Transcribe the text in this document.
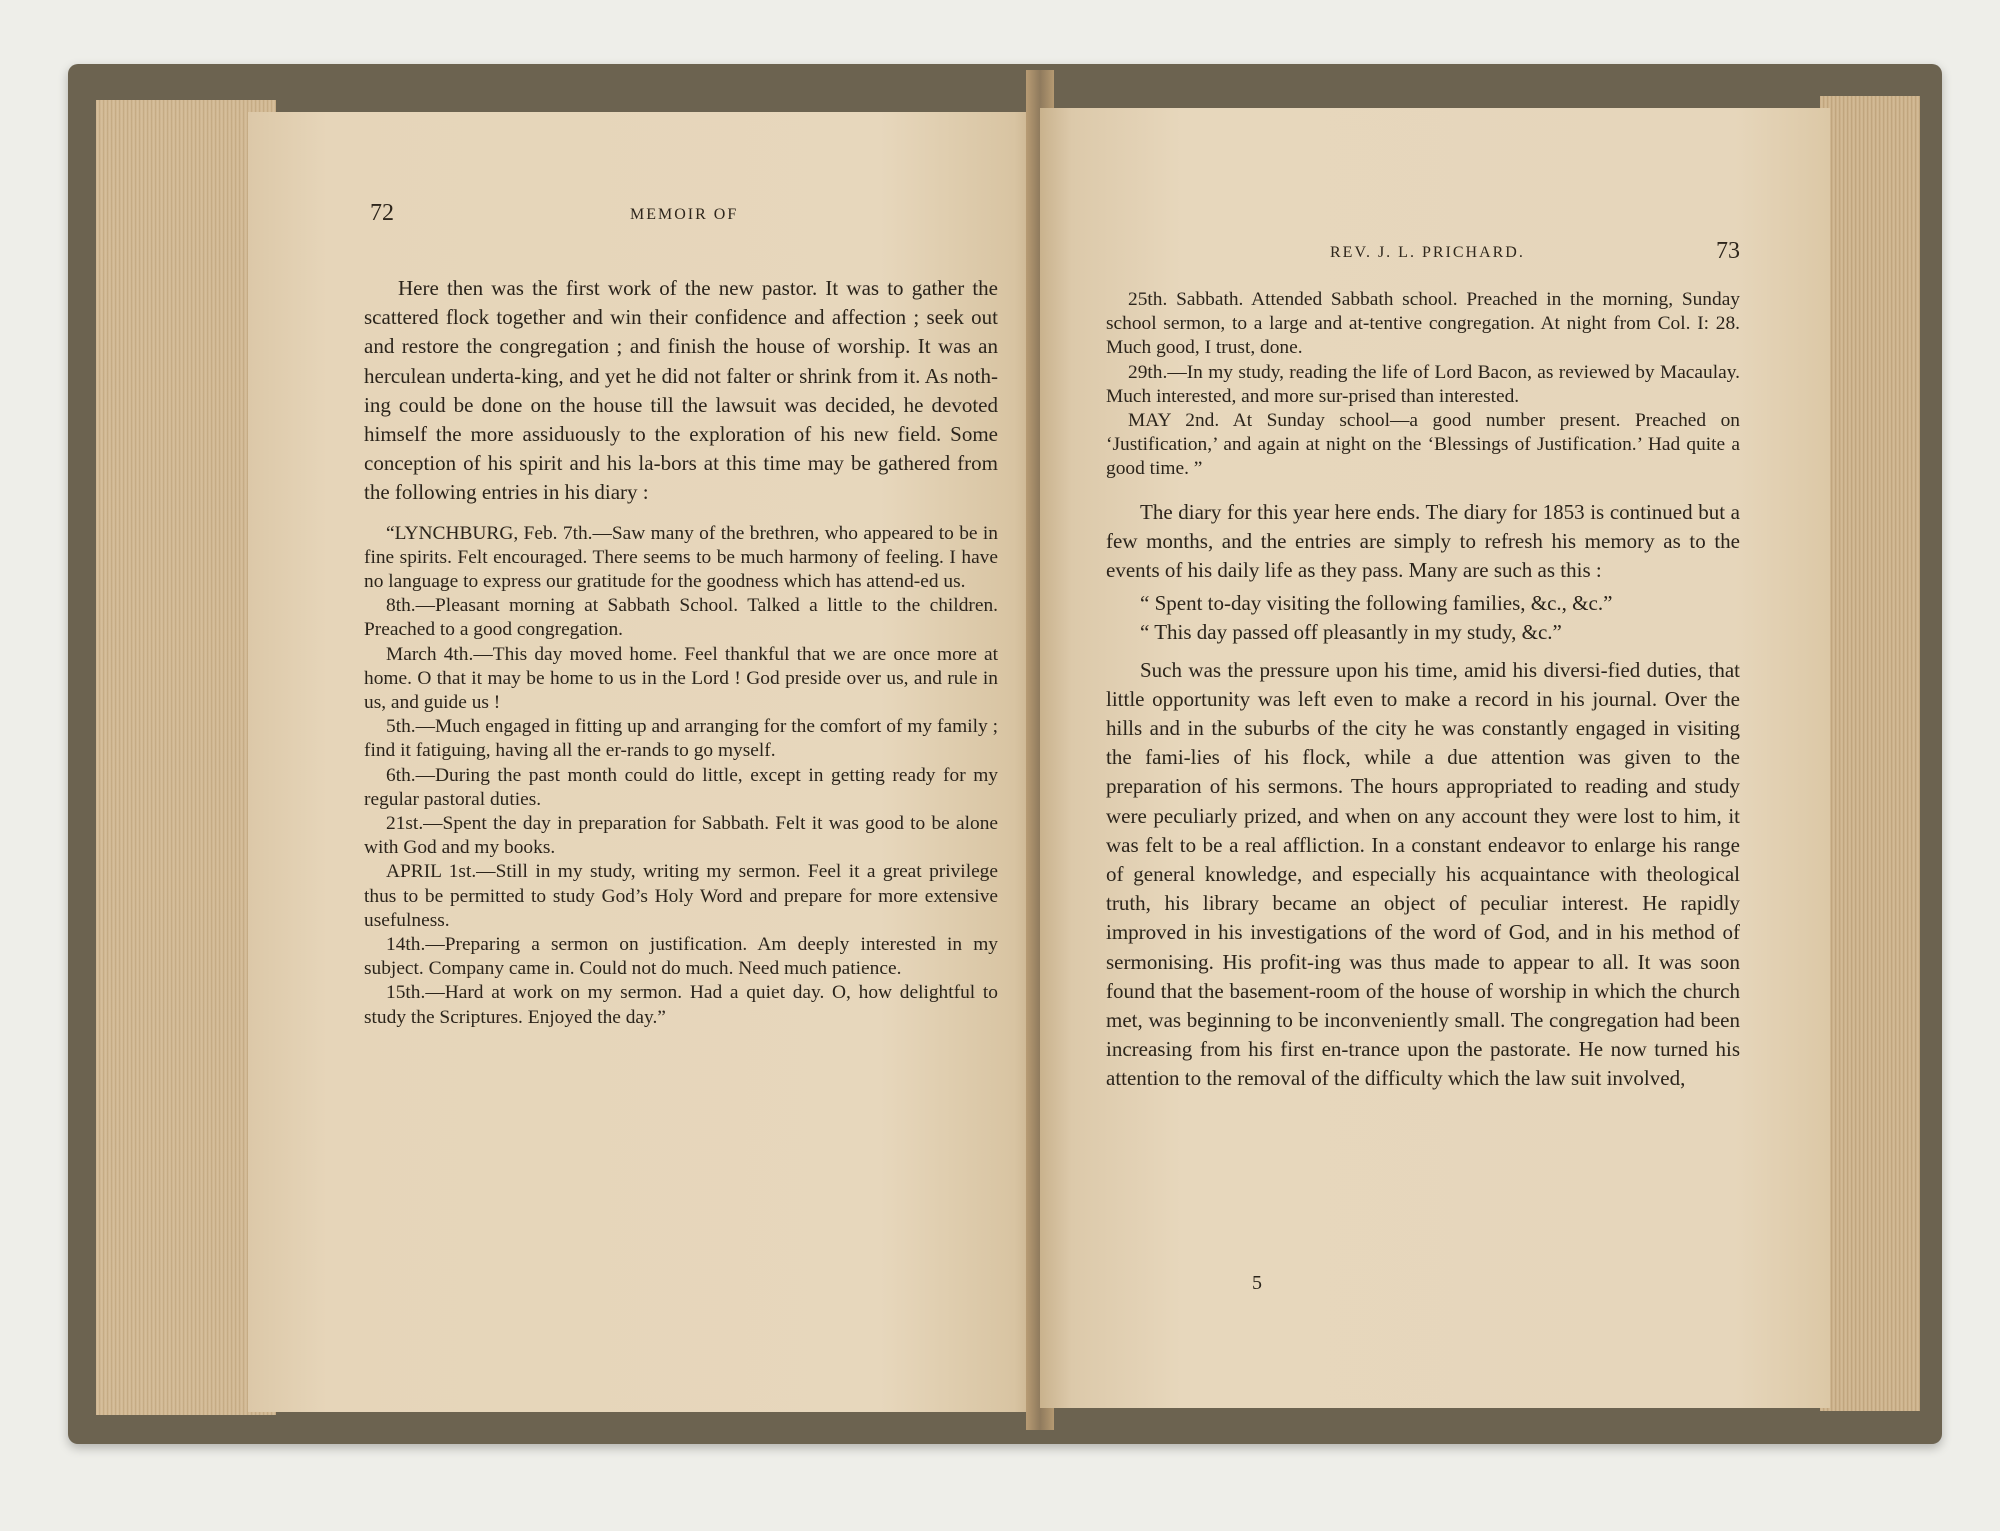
72	MEMOIR OF

Here then was the first work of the new pastor. It was to gather the scattered flock together and win their confidence and affection ; seek out and restore the congregation ; and finish the house of worship. It was an herculean underta-king, and yet he did not falter or shrink from it. As noth-ing could be done on the house till the lawsuit was decided, he devoted himself the more assiduously to the exploration of his new field. Some conception of his spirit and his la-bors at this time may be gathered from the following entries in his diary :

“LYNCHBURG, Feb. 7th.—Saw many of the brethren, who appeared to be in fine spirits. Felt encouraged. There seems to be much harmony of feeling. I have no language to express our gratitude for the goodness which has attend-ed us.

8th.—Pleasant morning at Sabbath School. Talked a little to the children. Preached to a good congregation.

March 4th.—This day moved home. Feel thankful that we are once more at home. O that it may be home to us in the Lord ! God preside over us, and rule in us, and guide us !

5th.—Much engaged in fitting up and arranging for the comfort of my family ; find it fatiguing, having all the er-rands to go myself.

6th.—During the past month could do little, except in getting ready for my regular pastoral duties.

21st.—Spent the day in preparation for Sabbath. Felt it was good to be alone with God and my books.

APRIL 1st.—Still in my study, writing my sermon. Feel it a great privilege thus to be permitted to study God’s Holy Word and prepare for more extensive usefulness.

14th.—Preparing a sermon on justification. Am deeply interested in my subject. Company came in. Could not do much. Need much patience.

15th.—Hard at work on my sermon. Had a quiet day. O, how delightful to study the Scriptures. Enjoyed the day.”

REV. J. L. PRICHARD.	73

25th. Sabbath. Attended Sabbath school. Preached in the morning, Sunday school sermon, to a large and at-tentive congregation. At night from Col. I: 28. Much good, I trust, done.

29th.—In my study, reading the life of Lord Bacon, as reviewed by Macaulay. Much interested, and more sur-prised than interested.

MAY 2nd. At Sunday school—a good number present. Preached on ‘Justification,’ and again at night on the ‘Blessings of Justification.’ Had quite a good time. ”

The diary for this year here ends. The diary for 1853 is continued but a few months, and the entries are simply to refresh his memory as to the events of his daily life as they pass. Many are such as this :

“ Spent to-day visiting the following families, &c., &c.”

“ This day passed off pleasantly in my study, &c.”

Such was the pressure upon his time, amid his diversi-fied duties, that little opportunity was left even to make a record in his journal. Over the hills and in the suburbs of the city he was constantly engaged in visiting the fami-lies of his flock, while a due attention was given to the preparation of his sermons. The hours appropriated to reading and study were peculiarly prized, and when on any account they were lost to him, it was felt to be a real affliction. In a constant endeavor to enlarge his range of general knowledge, and especially his acquaintance with theological truth, his library became an object of peculiar interest. He rapidly improved in his investigations of the word of God, and in his method of sermonising. His profit-ing was thus made to appear to all. It was soon found that the basement-room of the house of worship in which the church met, was beginning to be inconveniently small. The congregation had been increasing from his first en-trance upon the pastorate. He now turned his attention to the removal of the difficulty which the law suit involved,

5
